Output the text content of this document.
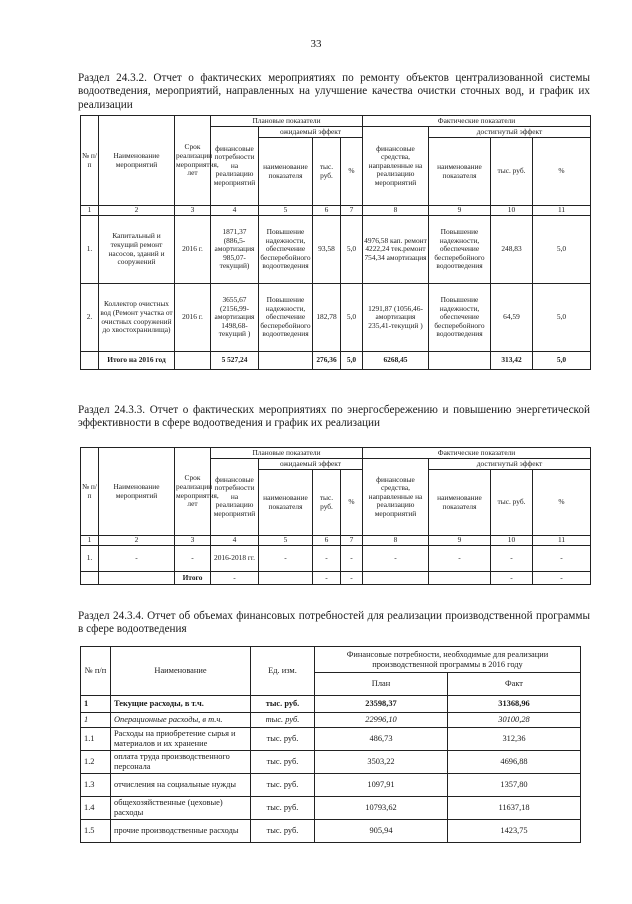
33
Раздел 24.3.2. Отчет о фактических мероприятиях по ремонту объектов централизованной системы водоотведения, мероприятий, направленных на улучшение качества очистки сточных вод, и график их реализации
№ п/ п	Наименование мероприятий	Срок реализации мероприятия, лет	Плановые показатели				Фактические показатели			
			финансовые потребности на реализацию мероприятий	ожидаемый эффект			финансовые средства, направленные на реализацию мероприятий	достигнутый эффект		
				наименование показателя	тыс. руб.	%		наименование показателя	тыс. руб.	%
1	2	3	4	5	6	7	8	9	10	11
1.	Капитальный и текущий ремонт насосов, зданий и сооружений	2016 г.	1871,37 (886,5-амортизация 985,07-текущий)	Повышение надежности, обеспечение бесперебойного водоотведения	93,58	5,0	4976,58 кап. ремонт 4222,24 тек.ремонт 754,34 амортизация	Повышение надежности, обеспечение бесперебойного водоотведения	248,83	5,0
2.	Коллектор очистных вод (Ремонт участка от очистных сооружений до хвостохранилища)	2016 г.	3655,67 (2156,99-амортизация 1498,68-текущий )	Повышение надежности, обеспечение бесперебойного водоотведения	182,78	5,0	1291,87 (1056,46-амортизация 235,41-текущий )	Повышение надежности, обеспечение бесперебойного водоотведения	64,59	5,0
	Итого на 2016 год		5 527,24		276,36	5,0	6268,45		313,42	5,0
Раздел 24.3.3. Отчет о фактических мероприятиях по энергосбережению и повышению энергетической эффективности в сфере водоотведения и график их реализации
№ п/ п	Наименование мероприятий	Срок реализации мероприятия, лет	Плановые показатели				Фактические показатели			
			финансовые потребности на реализацию мероприятий	ожидаемый эффект			финансовые средства, направленные на реализацию мероприятий	достигнутый эффект		
				наименование показателя	тыс. руб.	%		наименование показателя	тыс. руб.	%
1	2	3	4	5	6	7	8	9	10	11
1.	-	-	2016-2018 гг.	-	-	-	-	-	-	-
		Итого	-		-	-			-	-
Раздел 24.3.4. Отчет об объемах финансовых потребностей для реализации производственной программы в сфере водоотведения
№ п/п	Наименование	Ед. изм.	Финансовые потребности, необходимые для реализации производственной программы в 2016 году	
			План	Факт
1	Текущие расходы, в т.ч.	тыс. руб.	23598,37	31368,96
1	Операционные расходы, в т.ч.	тыс. руб.	22996,10	30100,28
1.1	Расходы на приобретение сырья и материалов и их хранение	тыс. руб.	486,73	312,36
1.2	оплата труда производственного персонала	тыс. руб.	3503,22	4696,88
1.3	отчисления на социальные нужды	тыс. руб.	1097,91	1357,80
1.4	общехозяйственные (цеховые) расходы	тыс. руб.	10793,62	11637,18
1.5	прочие производственные расходы	тыс. руб.	905,94	1423,75
